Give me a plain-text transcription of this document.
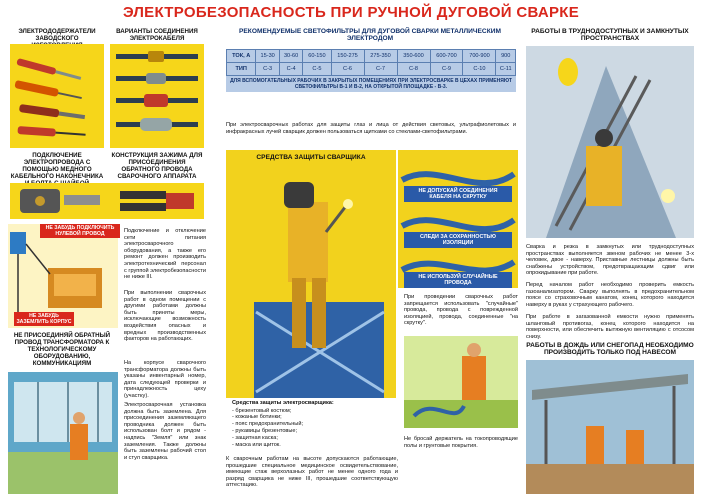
ЭЛЕКТРОБЕЗОПАСНОСТЬ ПРИ РУЧНОЙ ДУГОВОЙ СВАРКЕ
ЭЛЕКТРОДОДЕРЖАТЕЛИ ЗАВОДСКОГО
ВАРИАНТЫ СОЕДИНЕНИЯ ЭЛЕКТРОКАБЕЛЯ
ПОДКЛЮЧЕНИЕ ЭЛЕКТРОПРОВОДА С ПОМОЩЬЮ МЕДНОГО КАБЕЛЬНОГО НАКОНЕЧНИКА
КОНСТРУКЦИЯ ЗАЖИМА ДЛЯ ПРИСОЕДИНЕНИЯ ОБРАТНОГО ПРОВОДА СВАРОЧНОГО АППАРАТА
НЕ ЗАБУДЬ ПОДКЛЮЧИТЬ НУЛЕВОЙ ПРОВОД
НЕ ЗАБУДЬ ЗАЗЕМЛИТЬ КОРПУС
НЕ ПРИСОЕДИНЯЙ ОБРАТНЫЙ ПРОВОД ТРАНСФОРМАТОРА К ТЕХНОЛОГИЧЕСКОМУ ОБОРУДОВАНИЮ, КОММУНИКАЦИЯМ
Подключение и отключение сети питания электросварочного оборудования, а также его ремонт должен производить электротехнический персонал с группой электробезопасности не ниже III.
При выполнении сварочных работ в одном помещении с другими работами должны быть приняты меры, исключающие возможность воздействия опасных и вредных производственных факторов на работающих.
На корпусе сварочного трансформатора должны быть указаны инвентарный номер, дата следующей проверки и принадлежность цеху (участку).
Электросварочная установка должна быть заземлена. Для присоединения заземляющего проводника должен быть использован болт и рядом - надпись "Земля" или знак заземления. Также должны быть заземлены рабочий стол и стул сварщика.
РЕКОМЕНДУЕМЫЕ СВЕТОФИЛЬТРЫ ДЛЯ ДУГОВОЙ СВАРКИ МЕТАЛЛИЧЕСКИМ ЭЛЕКТРОДОМ
ТОК, А	15-30	30-60	60-150	150-275	275-350	350-600	600-700	700-900	900
ТИП	С-3	С-4	С-5	С-6	С-7	С-8	С-9	С-10	С-11
ДЛЯ ВСПОМОГАТЕЛЬНЫХ РАБОЧИХ В ЗАКРЫТЫХ ПОМЕЩЕНИЯХ ПРИ ЭЛЕКТРОСВАРКЕ В ЦЕХАХ ПРИМЕНЯЮТ СВЕТОФИЛЬТРЫ В-1 И В-2, НА ОТКРЫТОЙ ПЛОЩАДКЕ - В-3.
При электросварочных работах для защиты глаз и лица от действия световых, ультрафиолетовых и инфракрасных лучей сварщик должен пользоваться щитками со стеклами-светофильтрами.
СРЕДСТВА ЗАЩИТЫ СВАРЩИКА
НЕ ДОПУСКАЙ СОЕДИНЕНИЯ КАБЕЛЯ НА СКРУТКУ
СЛЕДИ ЗА СОХРАННОСТЬЮ ИЗОЛЯЦИИ
НЕ ИСПОЛЬЗУЙ СЛУЧАЙНЫЕ ПРОВОДА
При проведении сварочных работ запрещается использовать "случайные" провода, провода с поврежденной изоляцией, провода, соединенные "на скрутку".
Не бросай держатель на токопроводящие полы и грунтовые покрытия.
Средства защиты электросварщика:
- брезентовый костюм;
- кожаные ботинки;
- пояс предохранительный;
- рукавицы брезентовые;
- защитная каска;
- маска или щиток.
К сварочным работам на высоте допускаются работающие, прошедшие специальное медицинское освидетельствование, имеющие стаж верхолазных работ не менее одного года и разряд сварщика не ниже III, прошедшие соответствующую аттестацию.
РАБОТЫ В ТРУДНОДОСТУПНЫХ И ЗАМКНУТЫХ ПРОСТРАНСТВАХ
Сварка и резка в замкнутых или труднодоступных пространствах выполняется звеном рабочих не менее 3-х человек, двое - наверху. Приставные лестницы должны быть снабжены устройством, предотвращающим сдвиг или опрокидывание при работе.
Перед началом работ необходимо проверить емкость газоанализатором. Сварку выполнять в предохранительном поясе со страховочным канатом, конец которого находится наверху в руках у страхующего рабочего.
При работе в загазованной емкости нужно применять шланговый противогаз, конец которого находится на поверхности, или обеспечить вытяжную вентиляцию с отсосом снизу.
РАБОТЫ В ДОЖДЬ ИЛИ СНЕГОПАД НЕОБХОДИМО ПРОИЗВОДИТЬ ТОЛЬКО ПОД НАВЕСОМ
